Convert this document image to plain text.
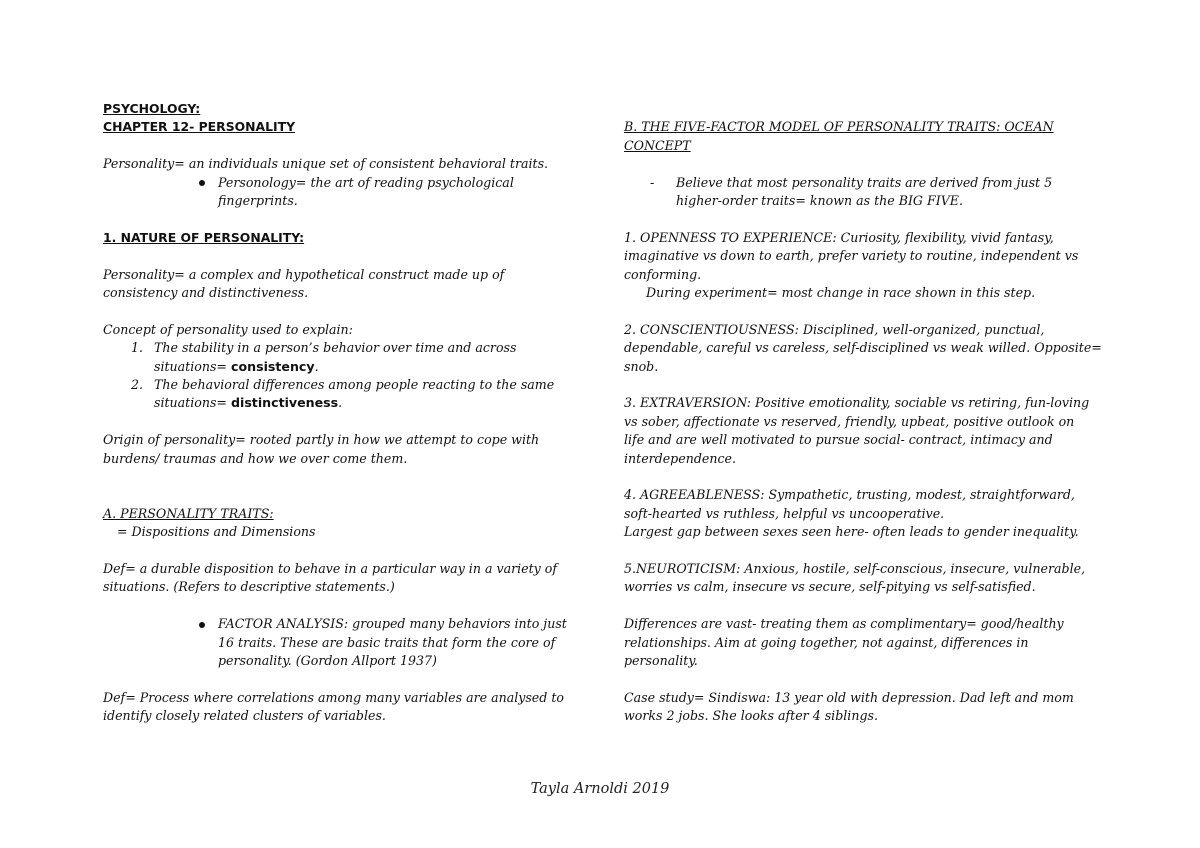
PSYCHOLOGY:

CHAPTER 12- PERSONALITY

Personality= an individuals unique set of consistent behavioral traits.

Personology= the art of reading psychological

fingerprints.

1. NATURE OF PERSONALITY:

Personality= a complex and hypothetical construct made up of

consistency and distinctiveness.

Concept of personality used to explain:

1. The stability in a person’s behavior over time and across

situations= consistency.

2. The behavioral differences among people reacting to the same

situations= distinctiveness.

Origin of personality= rooted partly in how we attempt to cope with

burdens/ traumas and how we over come them.

A. PERSONALITY TRAITS:

= Dispositions and Dimensions

Def= a durable disposition to behave in a particular way in a variety of

situations. (Refers to descriptive statements.)

FACTOR ANALYSIS: grouped many behaviors into just

16 traits. These are basic traits that form the core of

personality. (Gordon Allport 1937)

Def= Process where correlations among many variables are analysed to

identify closely related clusters of variables.

B. THE FIVE-FACTOR MODEL OF PERSONALITY TRAITS: OCEAN

CONCEPT

- Believe that most personality traits are derived from just 5

higher-order traits= known as the BIG FIVE.

1. OPENNESS TO EXPERIENCE: Curiosity, flexibility, vivid fantasy,

imaginative vs down to earth, prefer variety to routine, independent vs

conforming.

During experiment= most change in race shown in this step.

2. CONSCIENTIOUSNESS: Disciplined, well-organized, punctual,

dependable, careful vs careless, self-disciplined vs weak willed. Opposite=

snob.

3. EXTRAVERSION: Positive emotionality, sociable vs retiring, fun-loving

vs sober, affectionate vs reserved, friendly, upbeat, positive outlook on

life and are well motivated to pursue social- contract, intimacy and

interdependence.

4. AGREEABLENESS: Sympathetic, trusting, modest, straightforward,

soft-hearted vs ruthless, helpful vs uncooperative.

Largest gap between sexes seen here- often leads to gender inequality.

5.NEUROTICISM: Anxious, hostile, self-conscious, insecure, vulnerable,

worries vs calm, insecure vs secure, self-pitying vs self-satisfied.

Differences are vast- treating them as complimentary= good/healthy

relationships. Aim at going together, not against, differences in

personality.

Case study= Sindiswa: 13 year old with depression. Dad left and mom

works 2 jobs. She looks after 4 siblings.

Tayla Arnoldi 2019
